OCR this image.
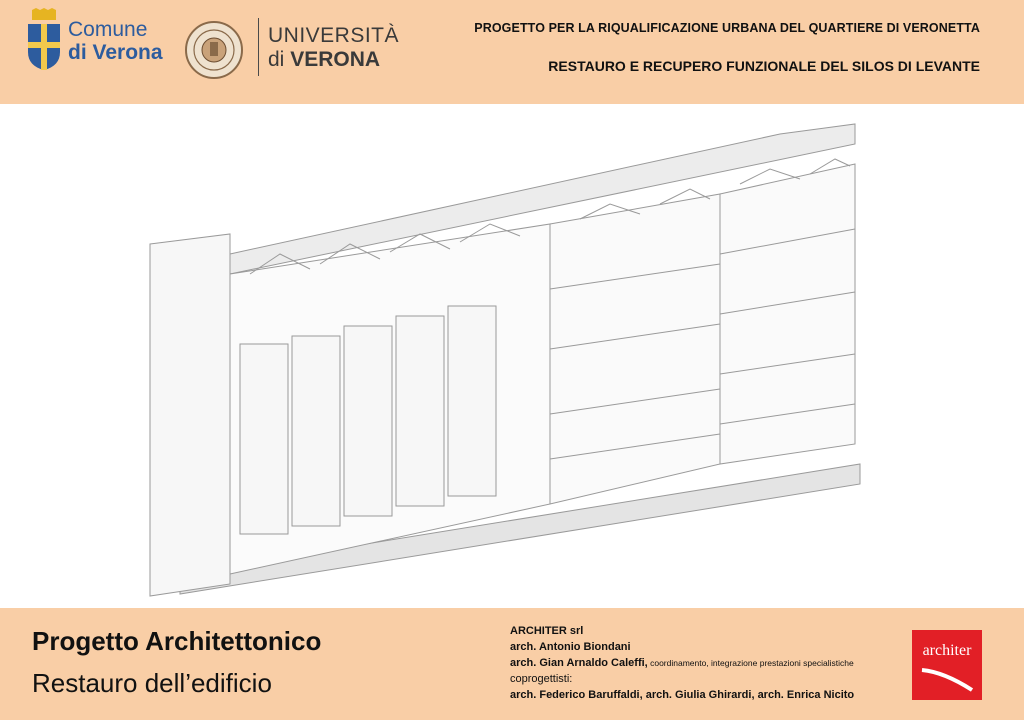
Comune
di Verona
UNIVERSITÀ
di VERONA
PROGETTO PER LA RIQUALIFICAZIONE URBANA DEL QUARTIERE DI VERONETTA
RESTAURO E RECUPERO FUNZIONALE DEL SILOS DI LEVANTE
Progetto Architettonico
Restauro dell’edificio
ARCHITER srl
arch. Antonio Biondani
arch. Gian Arnaldo Caleffi, coordinamento, integrazione prestazioni specialistiche
coprogettisti:
arch. Federico Baruffaldi, arch. Giulia Ghirardi, arch. Enrica Nicito
architer
